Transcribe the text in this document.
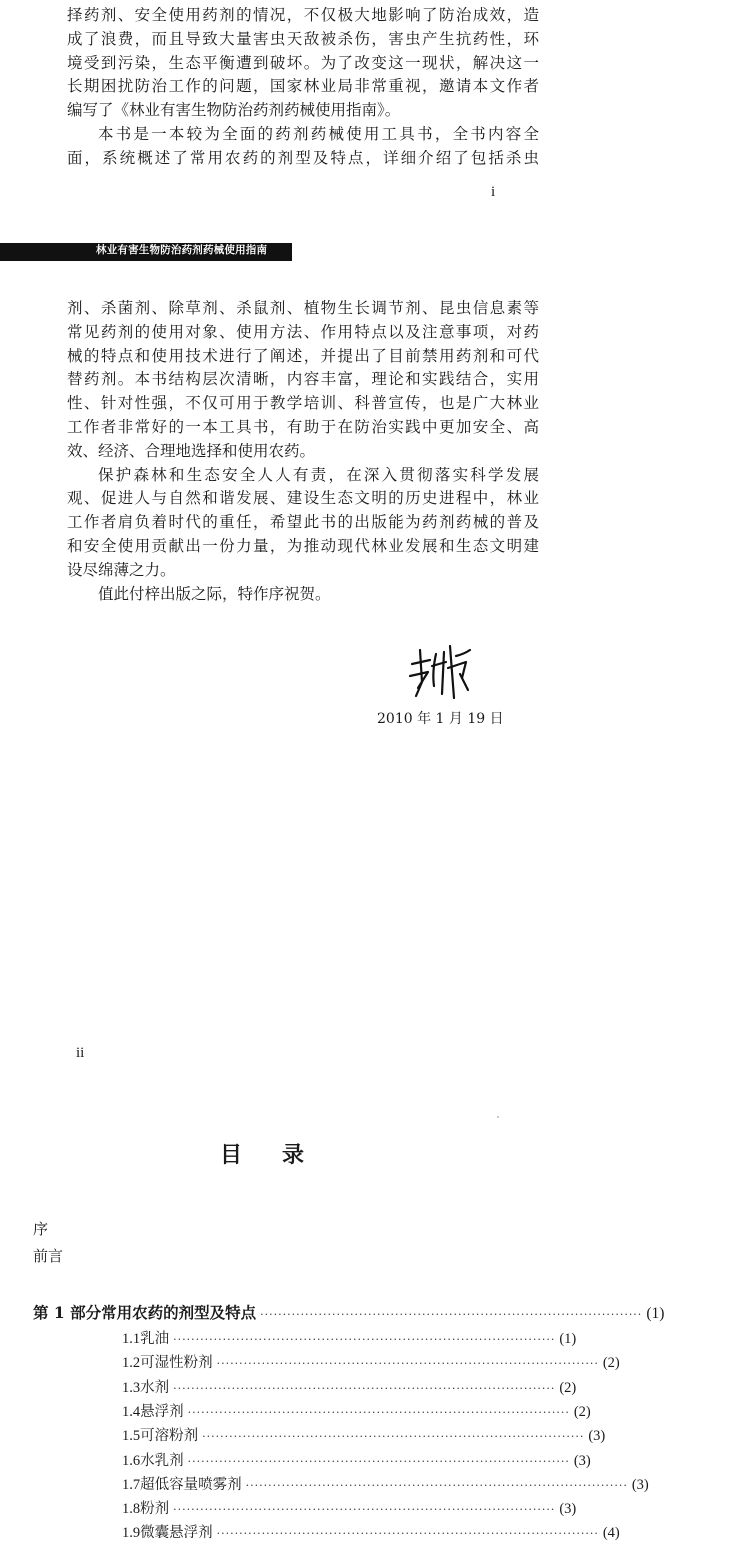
择药剂、安全使用药剂的情况，不仅极大地影响了防治成效，造
成了浪费，而且导致大量害虫天敌被杀伤，害虫产生抗药性，环
境受到污染，生态平衡遭到破坏。为了改变这一现状，解决这一
长期困扰防治工作的问题，国家林业局非常重视，邀请本文作者
编写了《林业有害生物防治药剂药械使用指南》。
本书是一本较为全面的药剂药械使用工具书，全书内容全
面，系统概述了常用农药的剂型及特点，详细介绍了包括杀虫
i
林业有害生物防治药剂药械使用指南
剂、杀菌剂、除草剂、杀鼠剂、植物生长调节剂、昆虫信息素等
常见药剂的使用对象、使用方法、作用特点以及注意事项，对药
械的特点和使用技术进行了阐述，并提出了目前禁用药剂和可代
替药剂。本书结构层次清晰，内容丰富，理论和实践结合，实用
性、针对性强，不仅可用于教学培训、科普宣传，也是广大林业
工作者非常好的一本工具书，有助于在防治实践中更加安全、高
效、经济、合理地选择和使用农药。
保护森林和生态安全人人有责，在深入贯彻落实科学发展
观、促进人与自然和谐发展、建设生态文明的历史进程中，林业
工作者肩负着时代的重任，希望此书的出版能为药剂药械的普及
和安全使用贡献出一份力量，为推动现代林业发展和生态文明建
设尽绵薄之力。
值此付梓出版之际，特作序祝贺。
2010 年 1 月 19 日
ii
目录
序
前言
第 1 部分 常用农药的剂型及特点 ····················································································· (1)
1.1 乳油 ····················································································· (1)
1.2 可湿性粉剂 ····················································································· (2)
1.3 水剂 ····················································································· (2)
1.4 悬浮剂 ····················································································· (2)
1.5 可溶粉剂 ····················································································· (3)
1.6 水乳剂 ····················································································· (3)
1.7 超低容量喷雾剂 ····················································································· (3)
1.8 粉剂 ····················································································· (3)
1.9 微囊悬浮剂 ····················································································· (4)
